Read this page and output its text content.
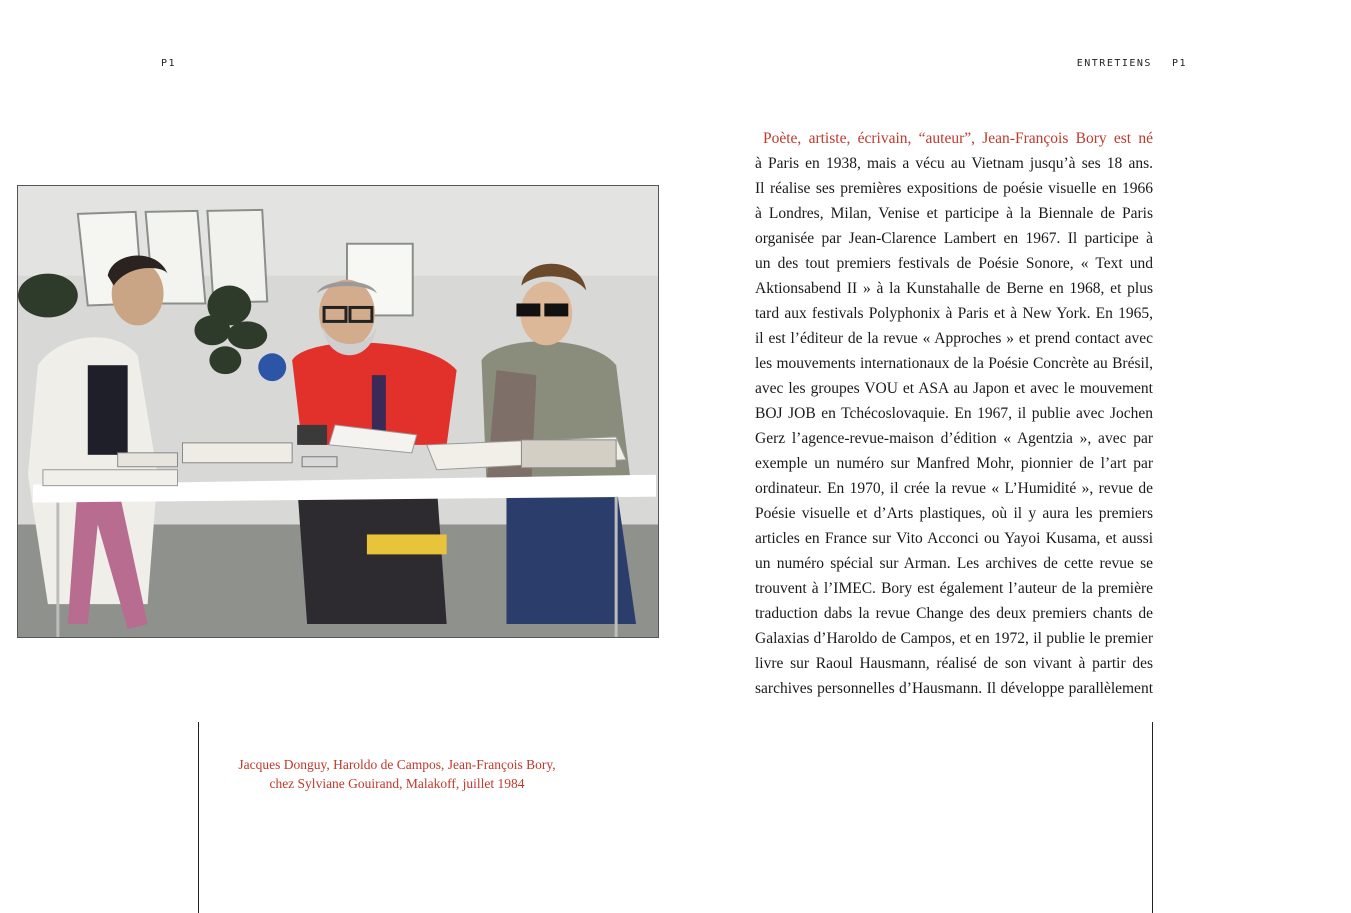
P1	ENTRETIENS P1
Jacques Donguy, Haroldo de Campos, Jean-François Bory,
chez Sylviane Gouirand, Malakoff, juillet 1984
Poète, artiste, écrivain, “auteur”, Jean-François Bory est né
à Paris en 1938, mais a vécu au Vietnam jusqu’à ses 18 ans.
Il réalise ses premières expositions de poésie visuelle en 1966
à Londres, Milan, Venise et participe à la Biennale de Paris
organisée par Jean-Clarence Lambert en 1967. Il participe à
un des tout premiers festivals de Poésie Sonore, « Text und
Aktionsabend II » à la Kunstahalle de Berne en 1968, et plus
tard aux festivals Polyphonix à Paris et à New York. En 1965,
il est l’éditeur de la revue « Approches » et prend contact avec
les mouvements internationaux de la Poésie Concrète au Brésil,
avec les groupes VOU et ASA au Japon et avec le mouvement
BOJ JOB en Tchécoslovaquie. En 1967, il publie avec Jochen
Gerz l’agence-revue-maison d’édition « Agentzia », avec par
exemple un numéro sur Manfred Mohr, pionnier de l’art par
ordinateur. En 1970, il crée la revue « L’Humidité », revue de
Poésie visuelle et d’Arts plastiques, où il y aura les premiers
articles en France sur Vito Acconci ou Yayoi Kusama, et aussi
un numéro spécial sur Arman. Les archives de cette revue se
trouvent à l’IMEC. Bory est également l’auteur de la première
traduction dabs la revue Change des deux premiers chants de
Galaxias d’Haroldo de Campos, et en 1972, il publie le premier
livre sur Raoul Hausmann, réalisé de son vivant à partir des
sarchives personnelles d’Hausmann. Il développe parallèlement
